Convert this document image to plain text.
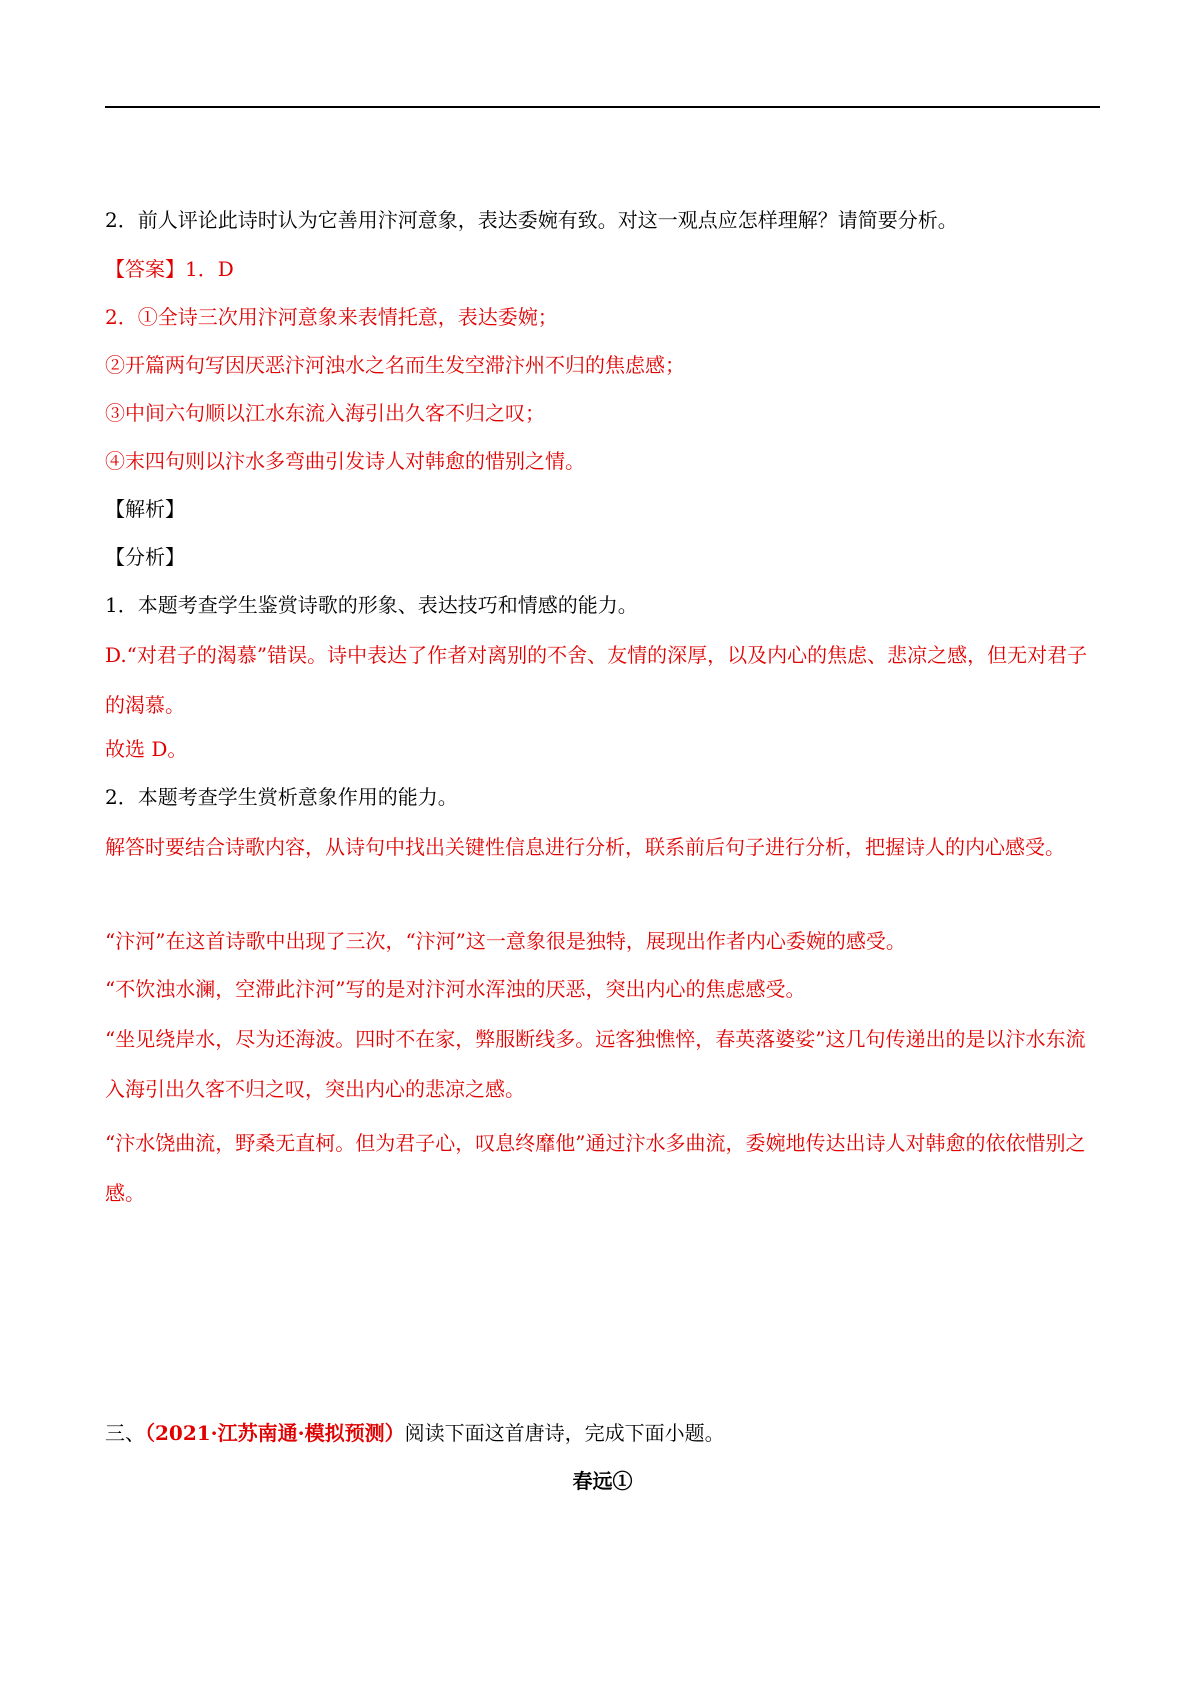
2．前人评论此诗时认为它善用汴河意象，表达委婉有致。对这一观点应怎样理解？请简要分析。
【答案】1．D
2．①全诗三次用汴河意象来表情托意，表达委婉；
②开篇两句写因厌恶汴河浊水之名而生发空滞汴州不归的焦虑感；
③中间六句顺以江水东流入海引出久客不归之叹；
④末四句则以汴水多弯曲引发诗人对韩愈的惜别之情。
【解析】
【分析】
1．本题考查学生鉴赏诗歌的形象、表达技巧和情感的能力。
D.“对君子的渴慕”错误。诗中表达了作者对离别的不舍、友情的深厚，以及内心的焦虑、悲凉之感，但无对君子的渴慕。
故选 D。
2．本题考查学生赏析意象作用的能力。
解答时要结合诗歌内容，从诗句中找出关键性信息进行分析，联系前后句子进行分析，把握诗人的内心感受。
“汴河”在这首诗歌中出现了三次，“汴河”这一意象很是独特，展现出作者内心委婉的感受。
“不饮浊水澜，空滞此汴河”写的是对汴河水浑浊的厌恶，突出内心的焦虑感受。
“坐见绕岸水，尽为还海波。四时不在家，弊服断线多。远客独憔悴，春英落婆娑”这几句传递出的是以汴水东流入海引出久客不归之叹，突出内心的悲凉之感。
“汴水饶曲流，野桑无直柯。但为君子心，叹息终靡他”通过汴水多曲流，委婉地传达出诗人对韩愈的依依惜别之感。
三、（2021·江苏南通·模拟预测）阅读下面这首唐诗，完成下面小题。
春远①
